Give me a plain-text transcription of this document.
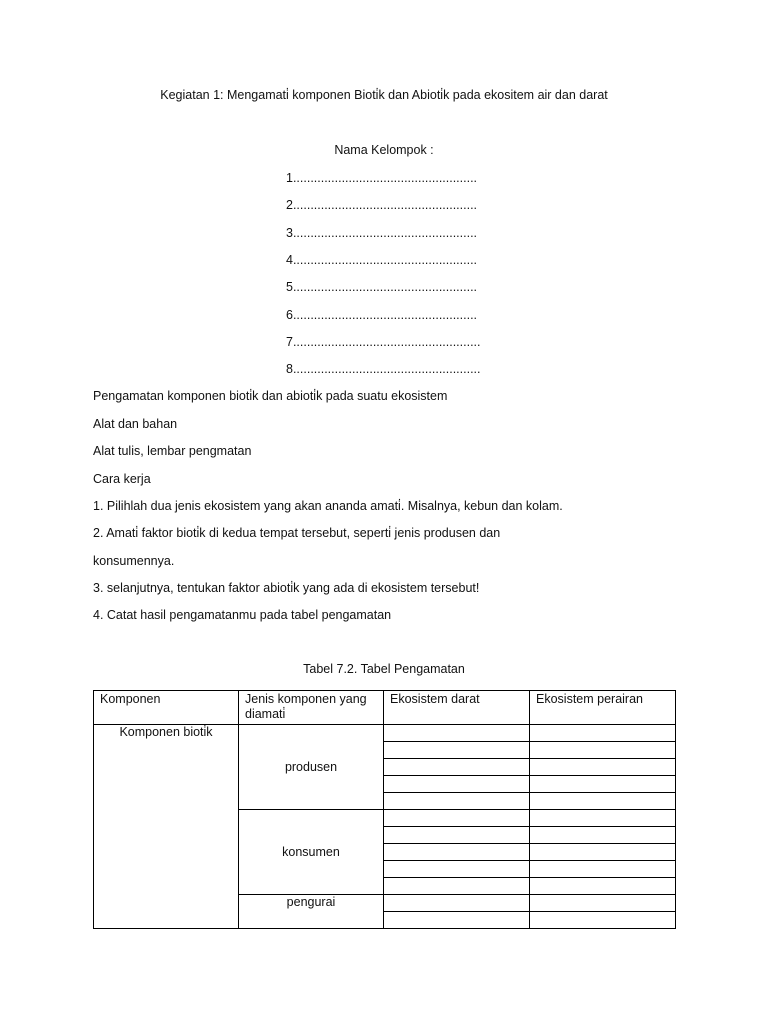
Kegiatan 1: Mengamati̇ komponen Bioti̇k dan Abioti̇k pada ekositem air dan darat
Nama Kelompok :
1.....................................................
2.....................................................
3.....................................................
4.....................................................
5.....................................................
6.....................................................
7......................................................
8......................................................
Pengamatan komponen bioti̇k dan abioti̇k pada suatu ekosistem
Alat dan bahan
Alat tulis, lembar pengmatan
Cara kerja
1. Pilihlah dua jenis ekosistem yang akan ananda amati̇. Misalnya, kebun dan kolam.
2. Amati̇ faktor bioti̇k di kedua tempat tersebut, seperti̇ jenis produsen dan
konsumennya.
3. selanjutnya, tentukan faktor abioti̇k yang ada di ekosistem tersebut!
4. Catat hasil pengamatanmu pada tabel pengamatan
Tabel 7.2. Tabel Pengamatan
Komponen	Jenis komponen yang diamati̇	Ekosistem darat	Ekosistem perairan
Komponen bioti̇k	produsen		

	konsumen		

	pengurai		
